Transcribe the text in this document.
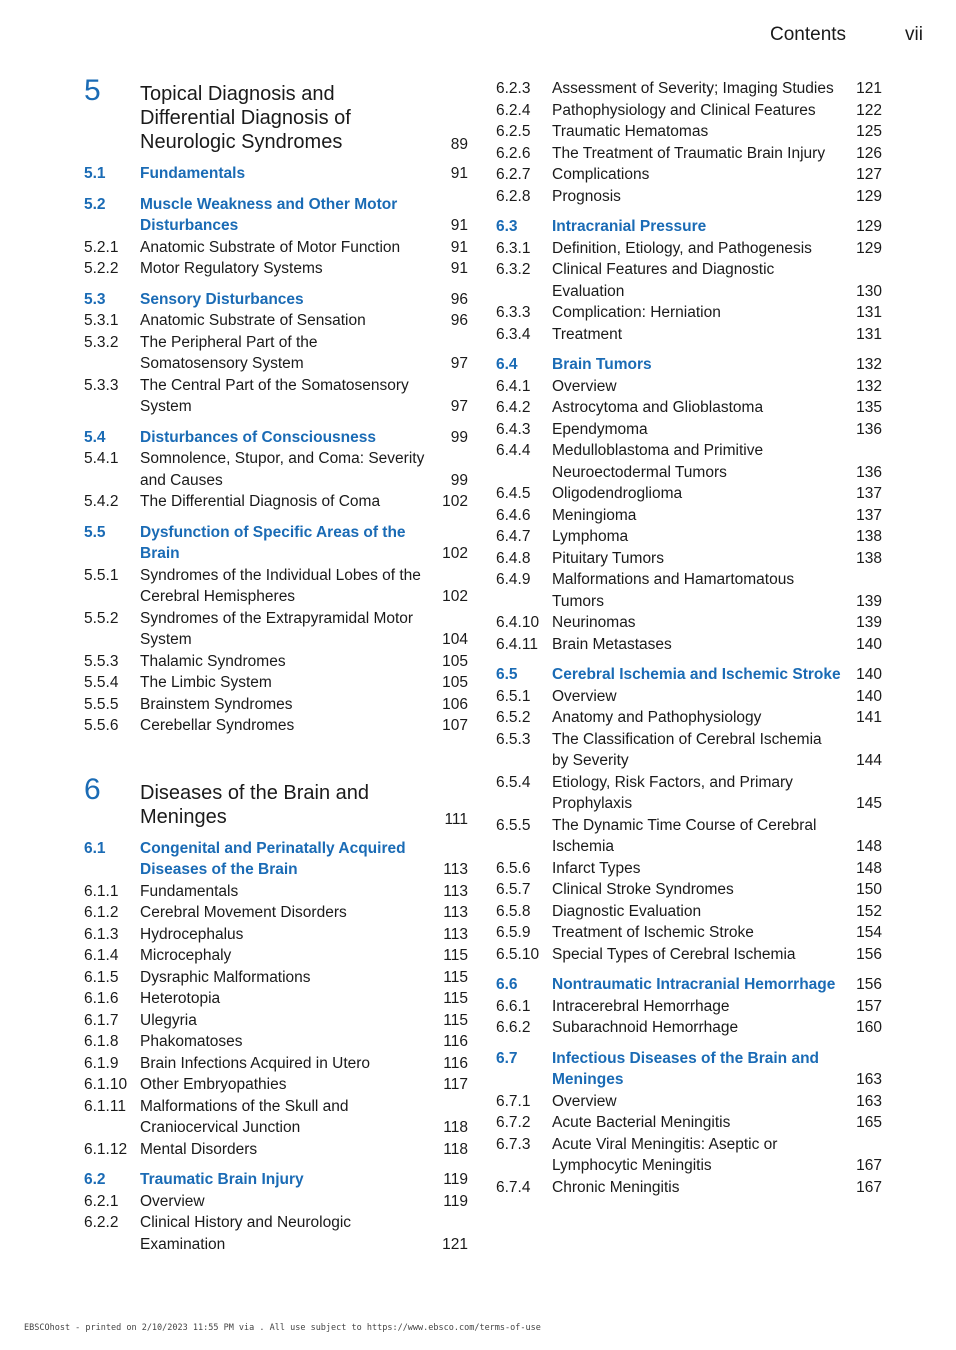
Contents	vii
5 Topical Diagnosis and Differential Diagnosis of Neurologic Syndromes	89
5.1 Fundamentals	91
5.2 Muscle Weakness and Other Motor Disturbances	91
5.2.1 Anatomic Substrate of Motor Function	91
5.2.2 Motor Regulatory Systems	91
5.3 Sensory Disturbances	96
5.3.1 Anatomic Substrate of Sensation	96
5.3.2 The Peripheral Part of the Somatosensory System	97
5.3.3 The Central Part of the Somatosensory System	97
5.4 Disturbances of Consciousness	99
5.4.1 Somnolence, Stupor, and Coma: Severity and Causes	99
5.4.2 The Differential Diagnosis of Coma	102
5.5 Dysfunction of Specific Areas of the Brain	102
5.5.1 Syndromes of the Individual Lobes of the Cerebral Hemispheres	102
5.5.2 Syndromes of the Extrapyramidal Motor System	104
5.5.3 Thalamic Syndromes	105
5.5.4 The Limbic System	105
5.5.5 Brainstem Syndromes	106
5.5.6 Cerebellar Syndromes	107
6 Diseases of the Brain and Meninges	111
6.1 Congenital and Perinatally Acquired Diseases of the Brain	113
6.1.1 Fundamentals	113
6.1.2 Cerebral Movement Disorders	113
6.1.3 Hydrocephalus	113
6.1.4 Microcephaly	115
6.1.5 Dysraphic Malformations	115
6.1.6 Heterotopia	115
6.1.7 Ulegyria	115
6.1.8 Phakomatoses	116
6.1.9 Brain Infections Acquired in Utero	116
6.1.10 Other Embryopathies	117
6.1.11 Malformations of the Skull and Craniocervical Junction	118
6.1.12 Mental Disorders	118
6.2 Traumatic Brain Injury	119
6.2.1 Overview	119
6.2.2 Clinical History and Neurologic Examination	121
6.2.3 Assessment of Severity; Imaging Studies	121
6.2.4 Pathophysiology and Clinical Features	122
6.2.5 Traumatic Hematomas	125
6.2.6 The Treatment of Traumatic Brain Injury	126
6.2.7 Complications	127
6.2.8 Prognosis	129
6.3 Intracranial Pressure	129
6.3.1 Definition, Etiology, and Pathogenesis	129
6.3.2 Clinical Features and Diagnostic Evaluation	130
6.3.3 Complication: Herniation	131
6.3.4 Treatment	131
6.4 Brain Tumors	132
6.4.1 Overview	132
6.4.2 Astrocytoma and Glioblastoma	135
6.4.3 Ependymoma	136
6.4.4 Medulloblastoma and Primitive Neuroectodermal Tumors	136
6.4.5 Oligodendroglioma	137
6.4.6 Meningioma	137
6.4.7 Lymphoma	138
6.4.8 Pituitary Tumors	138
6.4.9 Malformations and Hamartomatous Tumors	139
6.4.10 Neurinomas	139
6.4.11 Brain Metastases	140
6.5 Cerebral Ischemia and Ischemic Stroke 140
6.5.1 Overview	140
6.5.2 Anatomy and Pathophysiology	141
6.5.3 The Classification of Cerebral Ischemia by Severity	144
6.5.4 Etiology, Risk Factors, and Primary Prophylaxis	145
6.5.5 The Dynamic Time Course of Cerebral Ischemia	148
6.5.6 Infarct Types	148
6.5.7 Clinical Stroke Syndromes	150
6.5.8 Diagnostic Evaluation	152
6.5.9 Treatment of Ischemic Stroke	154
6.5.10 Special Types of Cerebral Ischemia	156
6.6 Nontraumatic Intracranial Hemorrhage	156
6.6.1 Intracerebral Hemorrhage	157
6.6.2 Subarachnoid Hemorrhage	160
6.7 Infectious Diseases of the Brain and Meninges	163
6.7.1 Overview	163
6.7.2 Acute Bacterial Meningitis	165
6.7.3 Acute Viral Meningitis: Aseptic or Lymphocytic Meningitis	167
6.7.4 Chronic Meningitis	167
EBSCOhost - printed on 2/10/2023 11:55 PM via . All use subject to https://www.ebsco.com/terms-of-use
